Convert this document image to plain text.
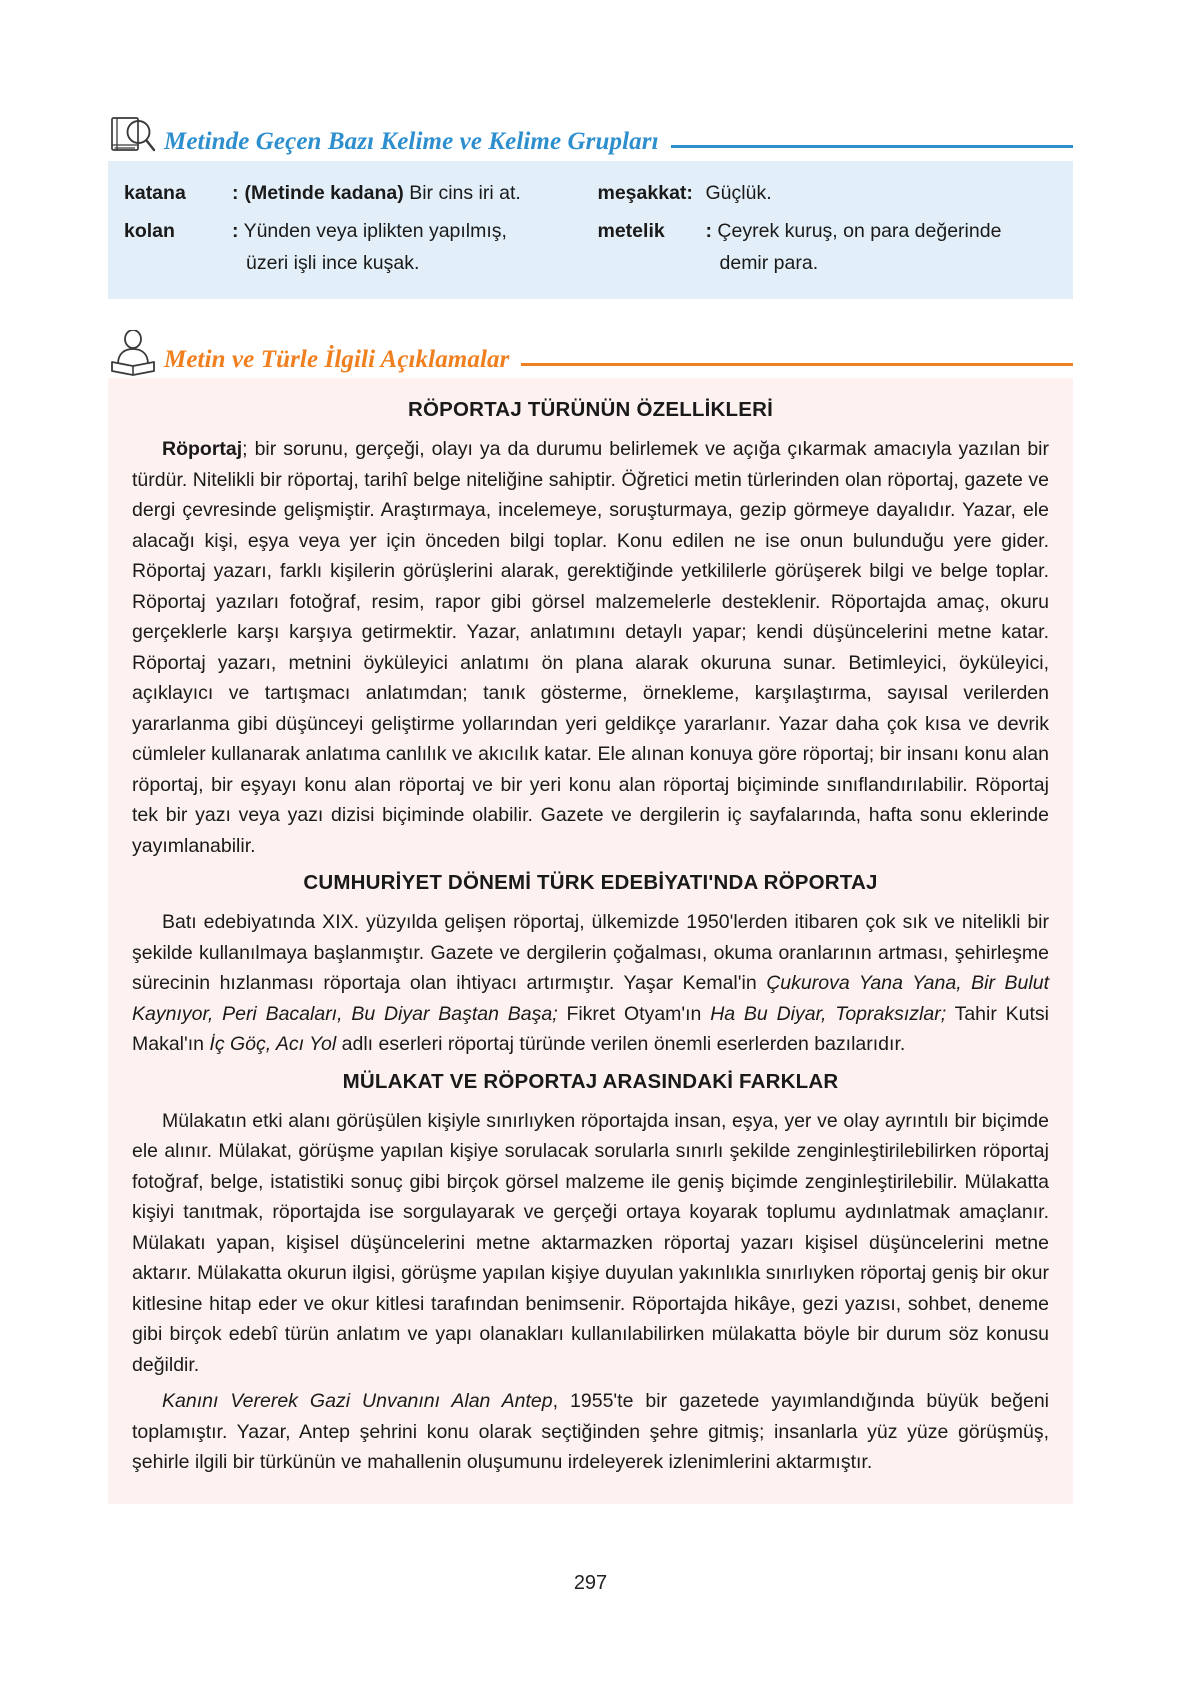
Metinde Geçen Bazı Kelime ve Kelime Grupları
katana	: (Metinde kadana) Bir cins iri at.
kolan	: Yünden veya iplikten yapılmış,
üzeri işli ince kuşak.
meşakkat: Güçlük.
metelik	: Çeyrek kuruş, on para değerinde
demir para.
Metin ve Türle İlgili Açıklamalar
RÖPORTAJ TÜRÜNÜN ÖZELLİKLERİ

Röportaj; bir sorunu, gerçeği, olayı ya da durumu belirlemek ve açığa çıkarmak amacıyla yazılan bir türdür. Nitelikli bir röportaj, tarihî belge niteliğine sahiptir. Öğretici metin türlerinden olan röportaj, gazete ve dergi çevresinde gelişmiştir. Araştırmaya, incelemeye, soruşturmaya, gezip görmeye dayalıdır. Yazar, ele alacağı kişi, eşya veya yer için önceden bilgi toplar. Konu edilen ne ise onun bulunduğu yere gider. Röportaj yazarı, farklı kişilerin görüşlerini alarak, gerektiğinde yetkililerle görüşerek bilgi ve belge toplar. Röportaj yazıları fotoğraf, resim, rapor gibi görsel malzemelerle desteklenir. Röportajda amaç, okuru gerçeklerle karşı karşıya getirmektir. Yazar, anlatımını detaylı yapar; kendi düşüncelerini metne katar. Röportaj yazarı, metnini öyküleyici anlatımı ön plana alarak okuruna sunar. Betimleyici, öyküleyici, açıklayıcı ve tartışmacı anlatımdan; tanık gösterme, örnekleme, karşılaştırma, sayısal verilerden yararlanma gibi düşünceyi geliştirme yollarından yeri geldikçe yararlanır. Yazar daha çok kısa ve devrik cümleler kullanarak anlatıma canlılık ve akıcılık katar. Ele alınan konuya göre röportaj; bir insanı konu alan röportaj, bir eşyayı konu alan röportaj ve bir yeri konu alan röportaj biçiminde sınıflandırılabilir. Röportaj tek bir yazı veya yazı dizisi biçiminde olabilir. Gazete ve dergilerin iç sayfalarında, hafta sonu eklerinde yayımlanabilir.

CUMHURİYET DÖNEMİ TÜRK EDEBİYATI'NDA RÖPORTAJ

Batı edebiyatında XIX. yüzyılda gelişen röportaj, ülkemizde 1950'lerden itibaren çok sık ve nitelikli bir şekilde kullanılmaya başlanmıştır. Gazete ve dergilerin çoğalması, okuma oranlarının artması, şehirleşme sürecinin hızlanması röportaja olan ihtiyacı artırmıştır. Yaşar Kemal'in Çukurova Yana Yana, Bir Bulut Kaynıyor, Peri Bacaları, Bu Diyar Baştan Başa; Fikret Otyam'ın Ha Bu Diyar, Topraksızlar; Tahir Kutsi Makal'ın İç Göç, Acı Yol adlı eserleri röportaj türünde verilen önemli eserlerden bazılarıdır.

MÜLAKAT VE RÖPORTAJ ARASINDAKİ FARKLAR

Mülakatın etki alanı görüşülen kişiyle sınırlıyken röportajda insan, eşya, yer ve olay ayrıntılı bir biçimde ele alınır. Mülakat, görüşme yapılan kişiye sorulacak sorularla sınırlı şekilde zenginleştirilebilirken röportaj fotoğraf, belge, istatistiki sonuç gibi birçok görsel malzeme ile geniş biçimde zenginleştirilebilir. Mülakatta kişiyi tanıtmak, röportajda ise sorgulayarak ve gerçeği ortaya koyarak toplumu aydınlatmak amaçlanır. Mülakatı yapan, kişisel düşüncelerini metne aktarmazken röportaj yazarı kişisel düşüncelerini metne aktarır. Mülakatta okurun ilgisi, görüşme yapılan kişiye duyulan yakınlıkla sınırlıyken röportaj geniş bir okur kitlesine hitap eder ve okur kitlesi tarafından benimsenir. Röportajda hikâye, gezi yazısı, sohbet, deneme gibi birçok edebî türün anlatım ve yapı olanakları kullanılabilirken mülakatta böyle bir durum söz konusu değildir.

Kanını Vererek Gazi Unvanını Alan Antep, 1955'te bir gazetede yayımlandığında büyük beğeni toplamıştır. Yazar, Antep şehrini konu olarak seçtiğinden şehre gitmiş; insanlarla yüz yüze görüşmüş, şehirle ilgili bir türkünün ve mahallenin oluşumunu irdeleyerek izlenimlerini aktarmıştır.

297
